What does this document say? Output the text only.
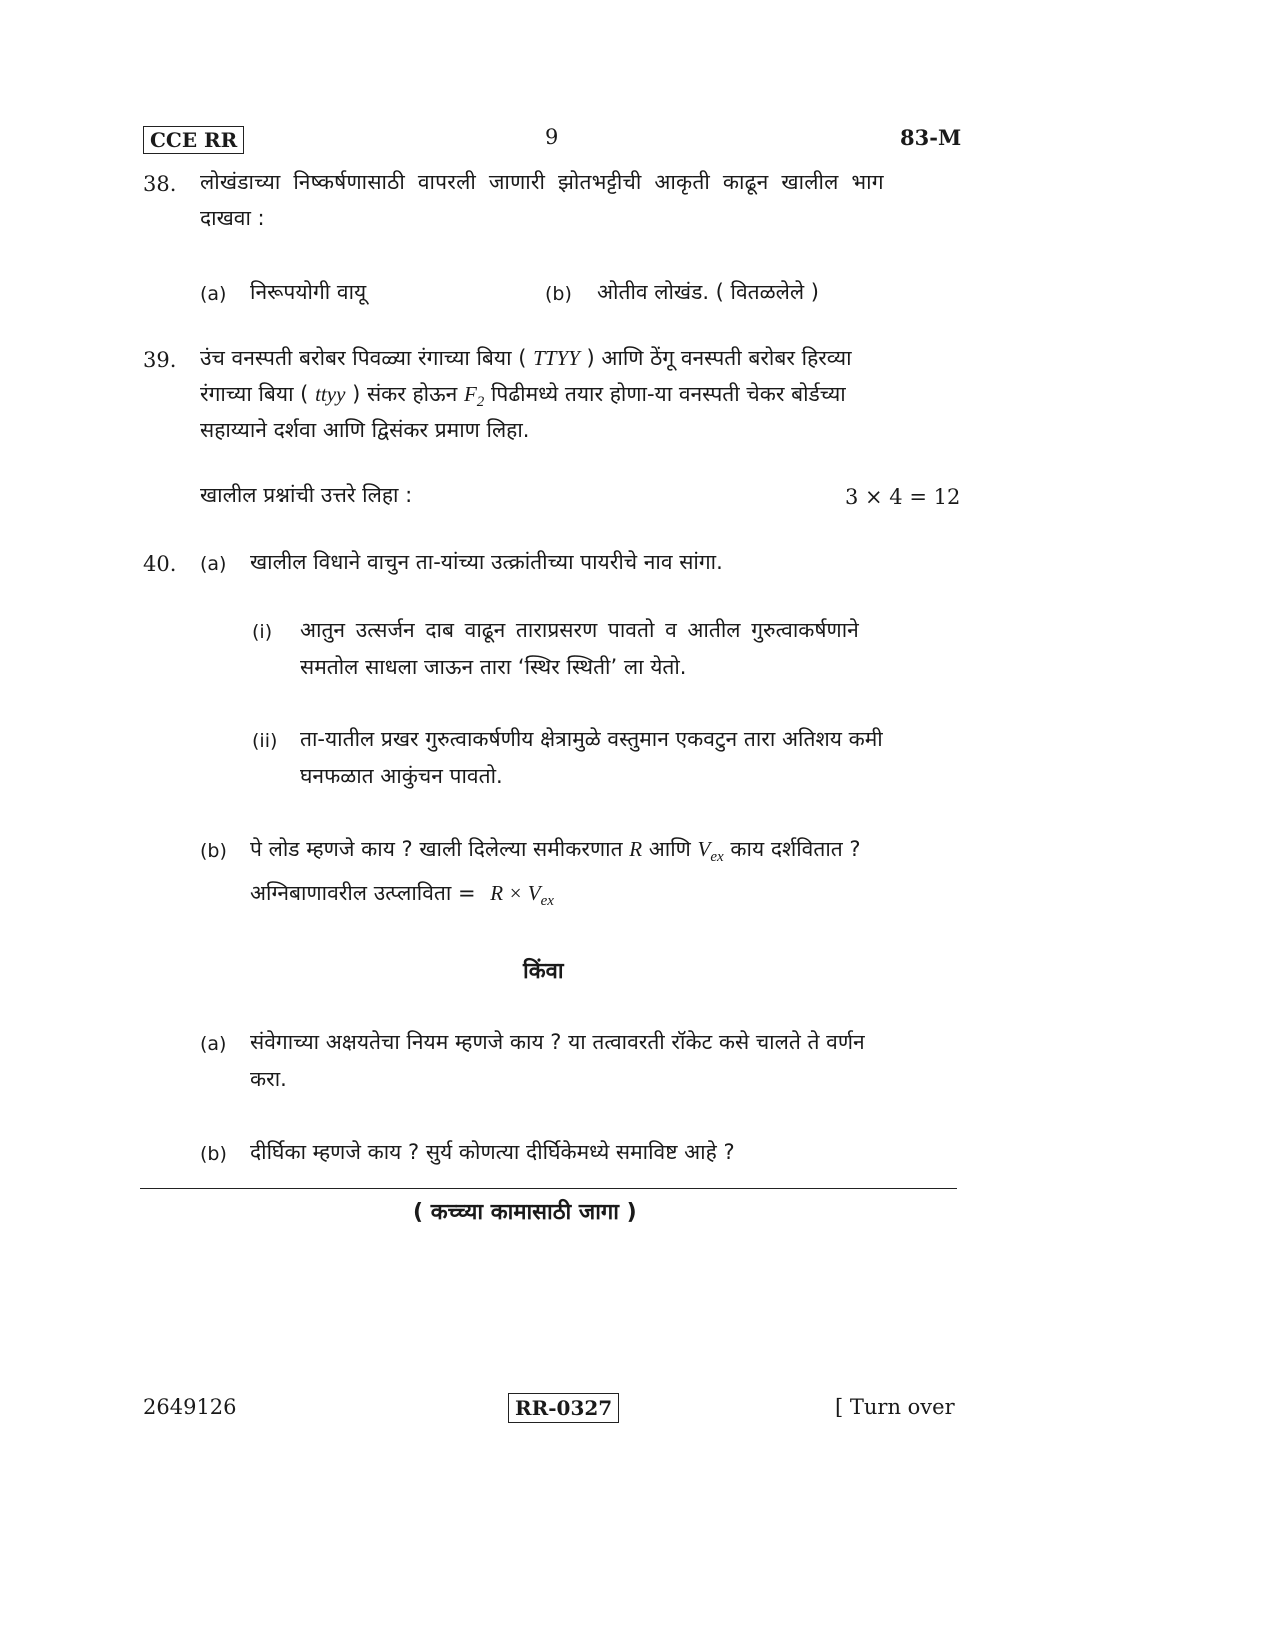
CCE RR	9	83-M
38. लोखंडाच्या निष्कर्षणासाठी वापरली जाणारी झोतभट्टीची आकृती काढून खालील भाग
दाखवा :
(a) निरूपयोगी वायू	(b) ओतीव लोखंड. ( वितळलेले )
39. उंच वनस्पती बरोबर पिवळ्या रंगाच्या बिया ( TTYY ) आणि ठेंगू वनस्पती बरोबर हिरव्या
रंगाच्या बिया ( ttyy ) संकर होऊन $F_2$ पिढीमध्ये तयार होणा-या वनस्पती चेकर बोर्डच्या
सहाय्याने दर्शवा आणि द्विसंकर प्रमाण लिहा.
खालील प्रश्नांची उत्तरे लिहा :	3 × 4 = 12
40. (a) खालील विधाने वाचुन ता-यांच्या उत्क्रांतीच्या पायरीचे नाव सांगा.
(i) आतुन उत्सर्जन दाब वाढून ताराप्रसरण पावतो व आतील गुरुत्वाकर्षणाने
समतोल साधला जाऊन तारा ‘स्थिर स्थिती’ ला येतो.
(ii) ता-यातील प्रखर गुरुत्वाकर्षणीय क्षेत्रामुळे वस्तुमान एकवटुन तारा अतिशय कमी
घनफळात आकुंचन पावतो.
(b) पे लोड म्हणजे काय ? खाली दिलेल्या समीकरणात R आणि $V_{ex}$ काय दर्शवितात ?
अग्निबाणावरील उत्प्लाविता = $R \times V_{ex}$
किंवा
(a) संवेगाच्या अक्षयतेचा नियम म्हणजे काय ? या तत्वावरती रॉकेट कसे चालते ते वर्णन
करा.
(b) दीर्घिका म्हणजे काय ? सुर्य कोणत्या दीर्घिकेमध्ये समाविष्ट आहे ?
( कच्च्या कामासाठी जागा )
2649126	RR-0327	[ Turn over
